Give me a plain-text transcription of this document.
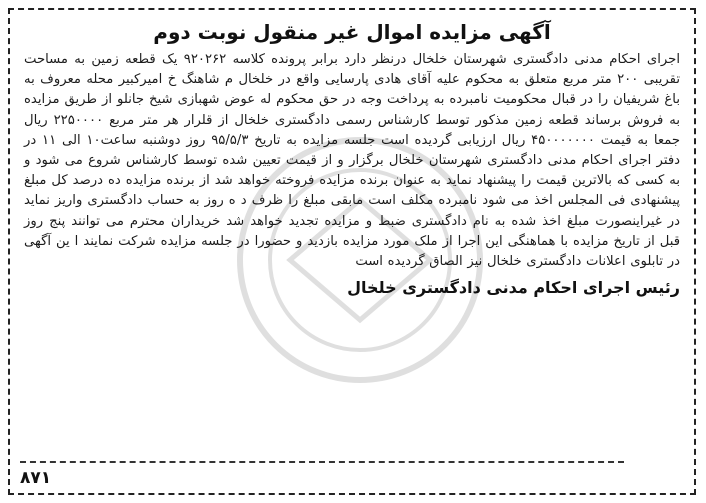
آگهی مزایده اموال غیر منقول نوبت دوم

اجرای احکام مدنی دادگستری شهرستان خلخال درنظر دارد برابر پرونده کلاسه ۹۲۰۲۶۲ یک قطعه زمین به مساحت تقریبی ۲۰۰ متر مربع متعلق به محکوم علیه آقای هادی پارسایی واقع در خلخال م شاهنگ خ امیرکبیر محله معروف به باغ شریفیان را در قبال محکومیت نامبرده به پرداخت وجه در حق محکوم له عوض شهبازی شیخ جانلو از طریق مزایده به فروش برساند قطعه زمین مذکور توسط کارشناس رسمی دادگستری خلخال از قلرار هر متر مربع ۲۲۵۰۰۰۰ ریال جمعا به قیمت ۴۵۰۰۰۰۰۰۰ ریال ارزیابی گردیده است جلسه مزایده به تاریخ ۹۵/۵/۳ روز دوشنبه ساعت۱۰ الی ۱۱ در دفتر اجرای احکام مدنی دادگستری شهرستان خلخال برگزار و از قیمت تعیین شده توسط کارشناس شروع می شود و به کسی که بالاترین قیمت را پیشنهاد نماید به عنوان برنده مزایده فروخته خواهد شد از برنده مزایده ده درصد کل مبلغ پیشنهادی فی المجلس اخذ می شود نامبرده مکلف است مابقی مبلغ را ظرف د ه روز به حساب دادگستری واریز نماید در غیراینصورت مبلغ اخذ شده به نام دادگستری ضبط و مزایده تجدید خواهد شد خریداران محترم می توانند پنج روز قبل از تاریخ مزایده با هماهنگی این اجرا از ملک مورد مزایده بازدید و حضورا در جلسه مزایده شرکت نمایند ا ین آگهی در تابلوی اعلانات دادگستری خلخال نیز الصاق گردیده است

رئیس اجرای احکام مدنی دادگستری خلخال
۸۷۱
